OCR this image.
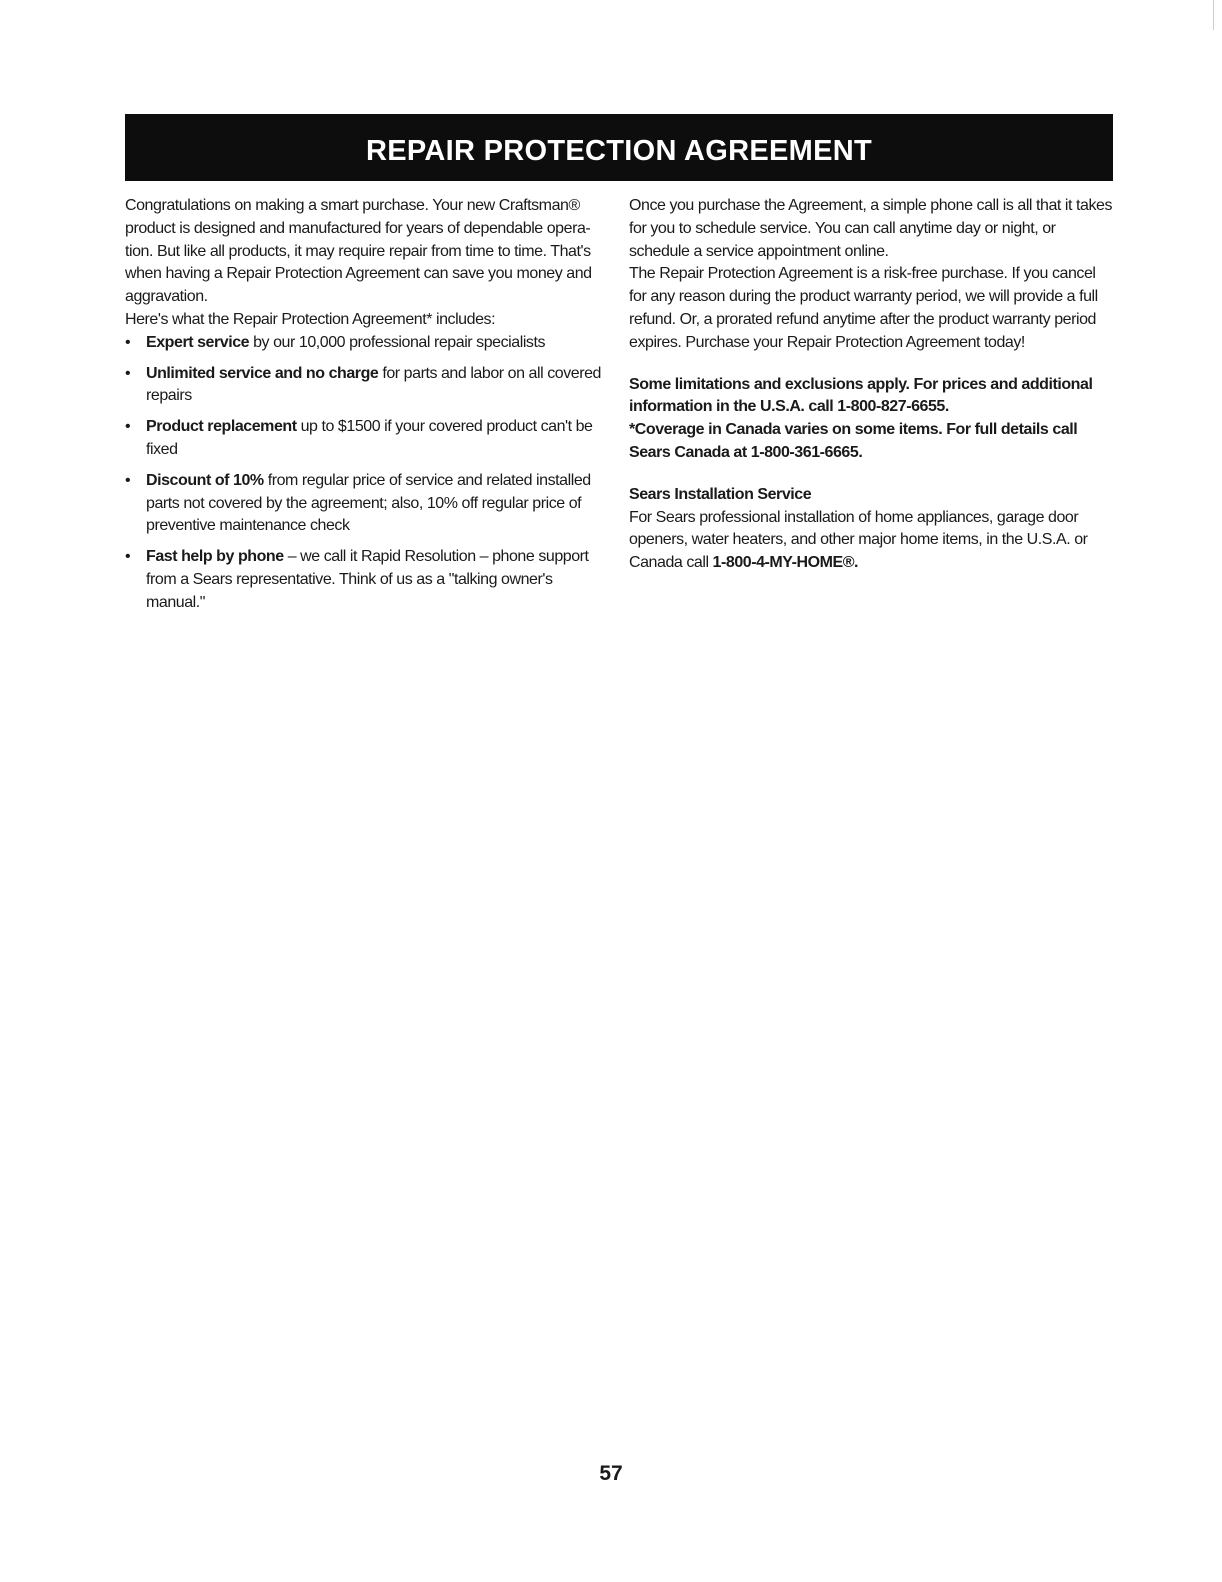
REPAIR PROTECTION AGREEMENT

Congratulations on making a smart purchase. Your new Craftsman® product is designed and manufactured for years of dependable opera-tion. But like all products, it may require repair from time to time. That's when having a Repair Protection Agreement can save you money and aggravation.

Here's what the Repair Protection Agreement* includes:

• Expert service by our 10,000 professional repair specialists
• Unlimited service and no charge for parts and labor on all covered repairs
• Product replacement up to $1500 if your covered product can't be fixed
• Discount of 10% from regular price of service and related installed parts not covered by the agreement; also, 10% off regular price of preventive maintenance check
• Fast help by phone – we call it Rapid Resolution – phone support from a Sears representative. Think of us as a "talking owner's manual."

Once you purchase the Agreement, a simple phone call is all that it takes for you to schedule service. You can call anytime day or night, or schedule a service appointment online.

The Repair Protection Agreement is a risk-free purchase. If you cancel for any reason during the product warranty period, we will provide a full refund. Or, a prorated refund anytime after the product warranty period expires. Purchase your Repair Protection Agreement today!

Some limitations and exclusions apply. For prices and additional information in the U.S.A. call 1-800-827-6655.

*Coverage in Canada varies on some items. For full details call Sears Canada at 1-800-361-6665.

Sears Installation Service

For Sears professional installation of home appliances, garage door openers, water heaters, and other major home items, in the U.S.A. or Canada call 1-800-4-MY-HOME®.

57
